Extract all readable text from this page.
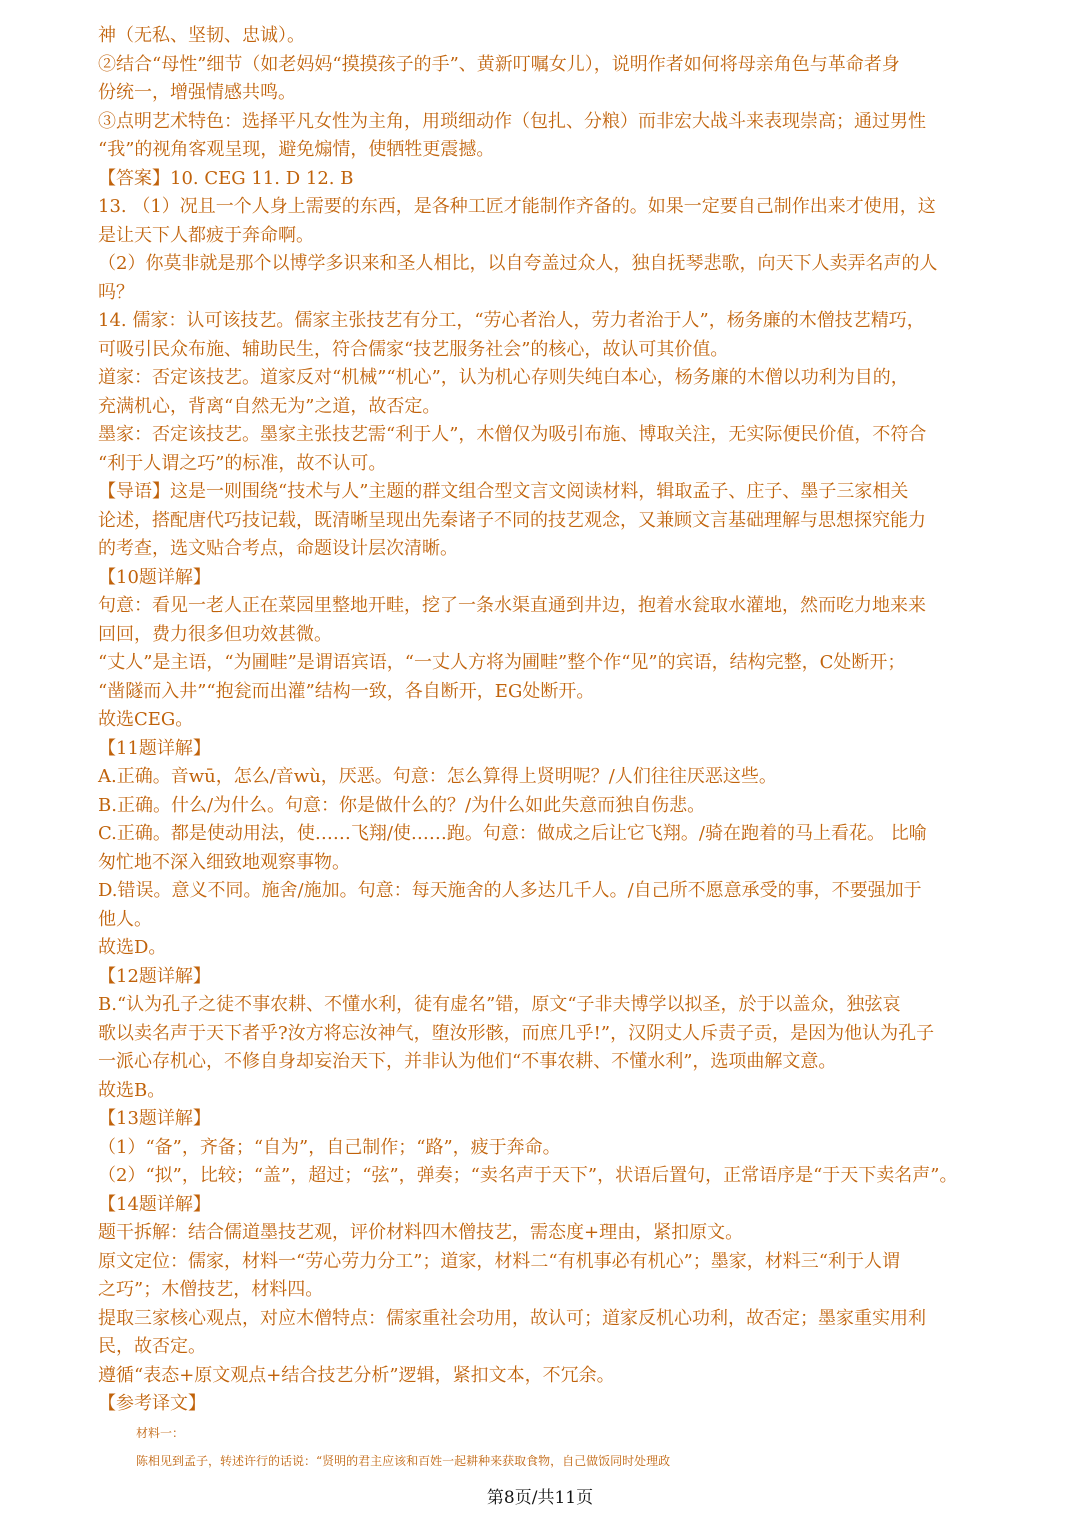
神（无私、坚韧、忠诚）。
②结合“母性”细节（如老妈妈“摸摸孩子的手”、黄新叮嘱女儿），说明作者如何将母亲角色与革命者身
份统一，增强情感共鸣。
③点明艺术特色：选择平凡女性为主角，用琐细动作（包扎、分粮）而非宏大战斗来表现崇高；通过男性
“我”的视角客观呈现，避免煽情，使牺牲更震撼。
【答案】10. CEG 11. D 12. B
13. （1）况且一个人身上需要的东西，是各种工匠才能制作齐备的。如果一定要自己制作出来才使用，这
是让天下人都疲于奔命啊。
（2）你莫非就是那个以博学多识来和圣人相比，以自夸盖过众人，独自抚琴悲歌，向天下人卖弄名声的人
吗？
14. 儒家：认可该技艺。儒家主张技艺有分工，“劳心者治人，劳力者治于人”，杨务廉的木僧技艺精巧，
可吸引民众布施、辅助民生，符合儒家“技艺服务社会”的核心，故认可其价值。
道家：否定该技艺。道家反对“机械”“机心”，认为机心存则失纯白本心，杨务廉的木僧以功利为目的，
充满机心，背离“自然无为”之道，故否定。
墨家：否定该技艺。墨家主张技艺需“利于人”，木僧仅为吸引布施、博取关注，无实际便民价值，不符合
“利于人谓之巧”的标准，故不认可。
【导语】这是一则围绕“技术与人”主题的群文组合型文言文阅读材料，辑取孟子、庄子、墨子三家相关
论述，搭配唐代巧技记载，既清晰呈现出先秦诸子不同的技艺观念，又兼顾文言基础理解与思想探究能力
的考查，选文贴合考点，命题设计层次清晰。
【10题详解】
句意：看见一老人正在菜园里整地开畦，挖了一条水渠直通到井边，抱着水瓮取水灌地，然而吃力地来来
回回，费力很多但功效甚微。
“丈人”是主语，“为圃畦”是谓语宾语，“一丈人方将为圃畦”整个作“见”的宾语，结构完整，C处断开；
“凿隧而入井”“抱瓮而出灌”结构一致，各自断开，EG处断开。
故选CEG。
【11题详解】
A.正确。音wū，怎么/音wù，厌恶。句意：怎么算得上贤明呢？/人们往往厌恶这些。
B.正确。什么/为什么。句意：你是做什么的？/为什么如此失意而独自伤悲。
C.正确。都是使动用法，使……飞翔/使……跑。句意：做成之后让它飞翔。/骑在跑着的马上看花。 比喻
匆忙地不深入细致地观察事物。
D.错误。意义不同。施舍/施加。句意：每天施舍的人多达几千人。/自己所不愿意承受的事，不要强加于
他人。
故选D。
【12题详解】
B.“认为孔子之徒不事农耕、不懂水利，徒有虚名”错，原文“子非夫博学以拟圣，於于以盖众，独弦哀
歌以卖名声于天下者乎?汝方将忘汝神气，堕汝形骸，而庶几乎!”，汉阴丈人斥责子贡，是因为他认为孔子
一派心存机心，不修自身却妄治天下，并非认为他们“不事农耕、不懂水利”，选项曲解文意。
故选B。
【13题详解】
（1）“备”，齐备；“自为”，自己制作；“路”，疲于奔命。
（2）“拟”，比较；“盖”，超过；“弦”，弹奏；“卖名声于天下”，状语后置句，正常语序是“于天下卖名声”。
【14题详解】
题干拆解：结合儒道墨技艺观，评价材料四木僧技艺，需态度+理由，紧扣原文。
原文定位：儒家，材料一“劳心劳力分工”；道家，材料二“有机事必有机心”；墨家，材料三“利于人谓
之巧”；木僧技艺，材料四。
提取三家核心观点，对应木僧特点：儒家重社会功用，故认可；道家反机心功利，故否定；墨家重实用利
民，故否定。
遵循“表态+原文观点+结合技艺分析”逻辑，紧扣文本，不冗余。
【参考译文】
材料一：
陈相见到孟子，转述许行的话说：“贤明的君主应该和百姓一起耕种来获取食物，自己做饭同时处理政
第8页/共11页
